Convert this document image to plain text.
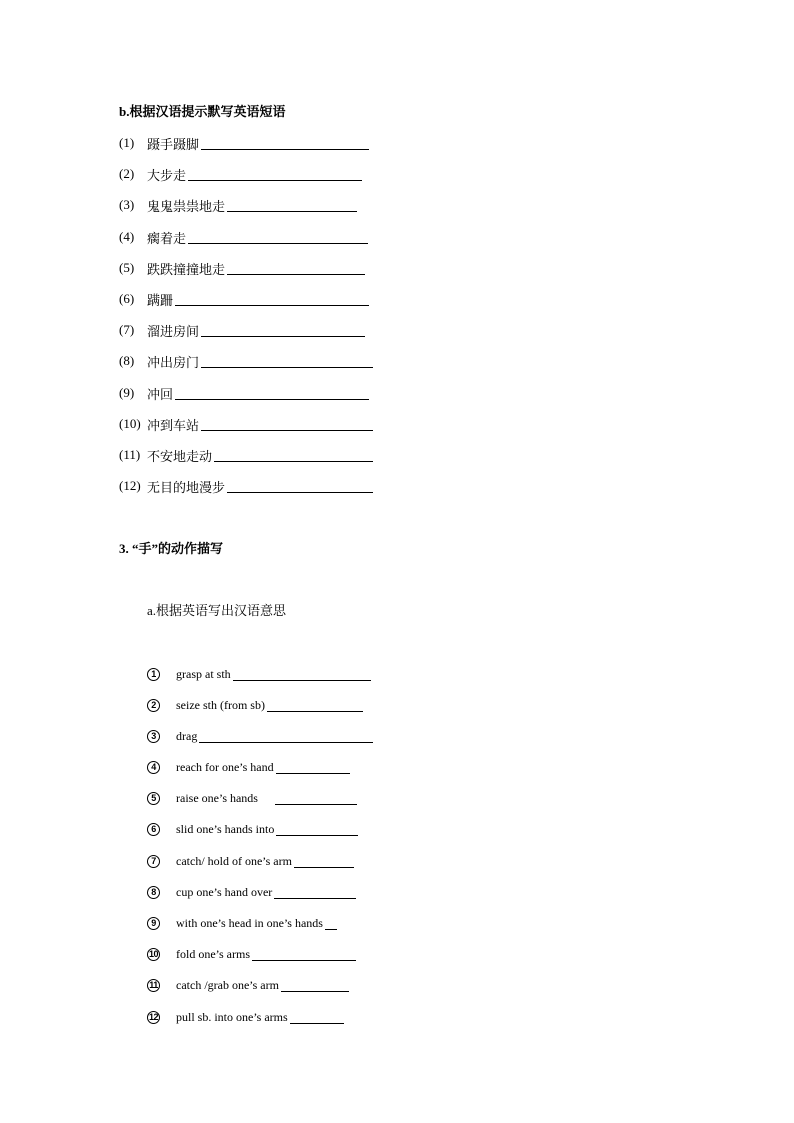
b.根据汉语提示默写英语短语
(1) 蹑手蹑脚
(2) 大步走
(3) 鬼鬼祟祟地走
(4) 瘸着走
(5) 跌跌撞撞地走
(6) 蹒跚
(7) 溜进房间
(8) 冲出房门
(9) 冲回
(10) 冲到车站
(11) 不安地走动
(12) 无目的地漫步
3. “手”的动作描写
a.根据英语写出汉语意思
1	grasp at sth
2	seize sth (from sb)
3	drag
4	reach for one’s hand
5	raise one’s hands
6	slid one’s hands into
7	catch/ hold of one’s arm
8	cup one’s hand over
9	with one’s head in one’s hands
10 fold one’s arms
11 catch /grab one’s arm
12 pull sb. into one’s arms
